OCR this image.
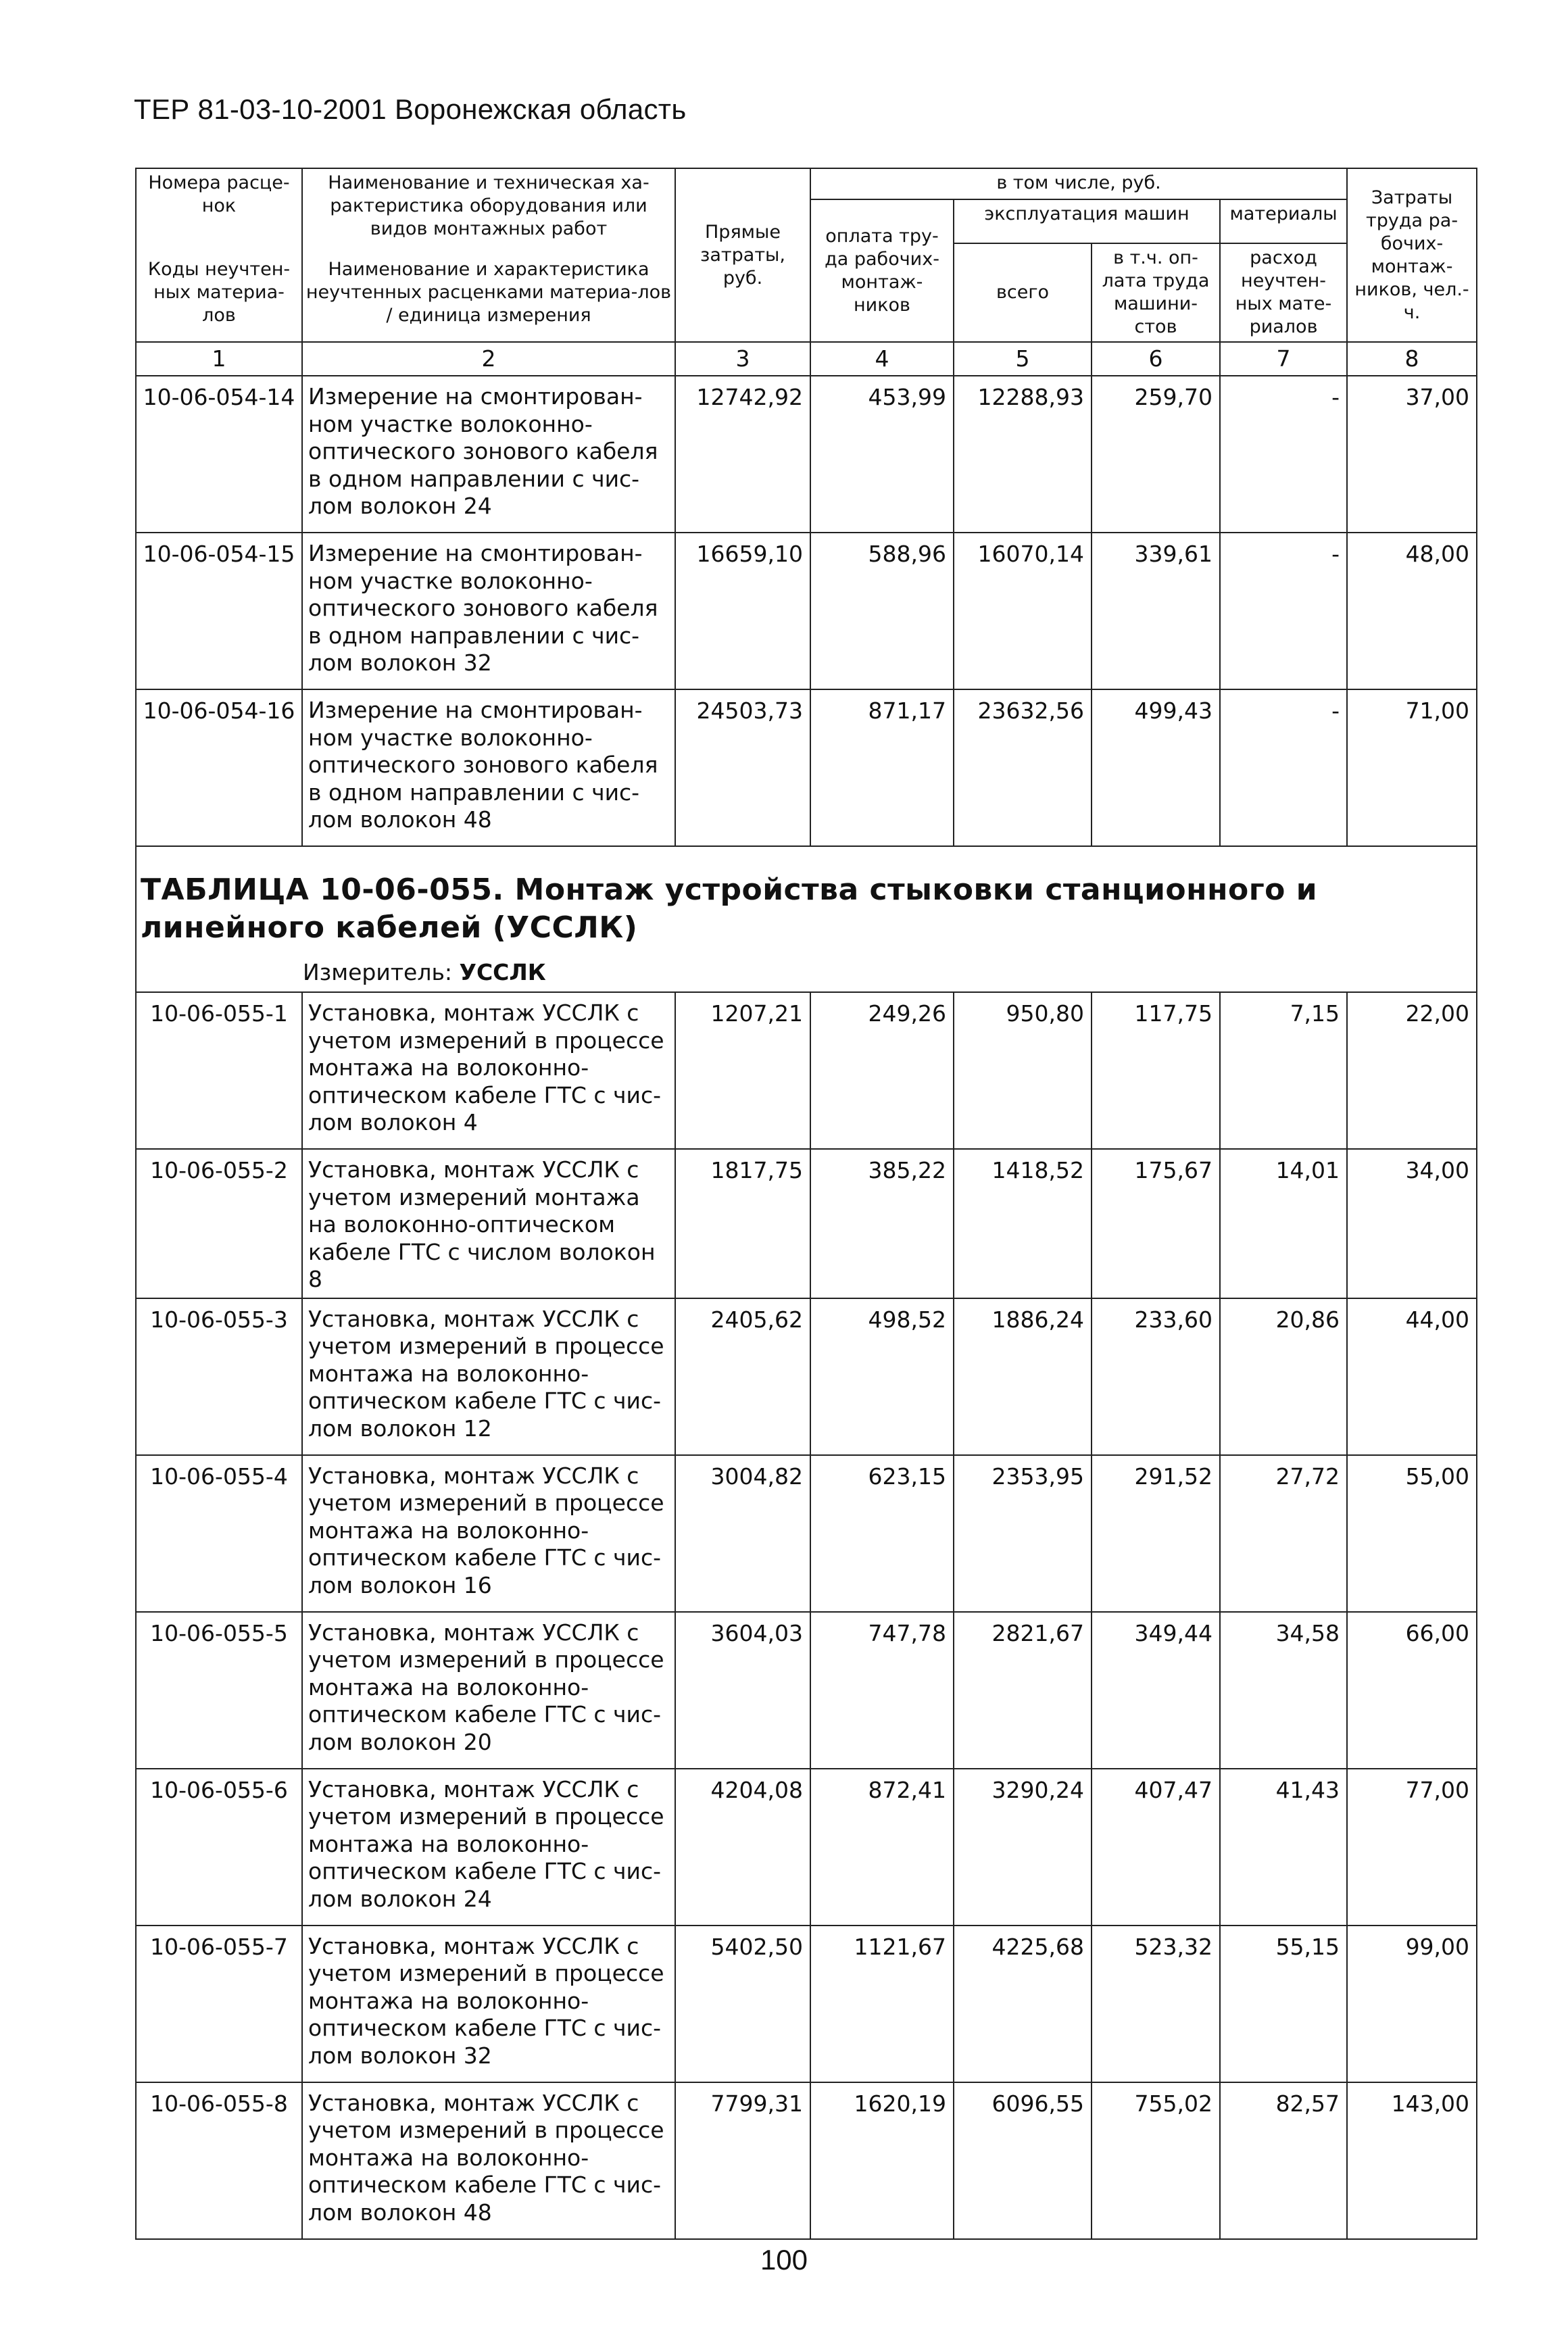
ТЕР 81-03-10-2001 Воронежская область
Номера расце-нок	Наименование и техническая ха-рактеристика оборудования или видов монтажных работ	Прямые затраты, руб.	в том числе, руб.				Затраты труда ра-бочих-монтаж-ников, чел.-ч.
			оплата тру-да рабочих-монтаж-ников	эксплуатация машин		материалы	
Коды неучтен-ных материа-лов	Наименование и характеристика неучтенных расценками материа-лов / единица измерения			всего	в т.ч. оп-лата труда машини-стов	расход неучтен-ных мате-риалов	

1	2	3	4	5	6	7	8
10-06-054-14	Измерение на смонтирован-ном участке волоконно-оптического зонового кабеля в одном направлении с чис-лом волокон 24	12742,92	453,99	12288,93	259,70	-	37,00
10-06-054-15	Измерение на смонтирован-ном участке волоконно-оптического зонового кабеля в одном направлении с чис-лом волокон 32	16659,10	588,96	16070,14	339,61	-	48,00
10-06-054-16	Измерение на смонтирован-ном участке волоконно-оптического зонового кабеля в одном направлении с чис-лом волокон 48	24503,73	871,17	23632,56	499,43	-	71,00

ТАБЛИЦА 10-06-055. Монтаж устройства стыковки станционного и линейного кабелей (УССЛК)
Измеритель: УССЛК							

10-06-055-1	Установка, монтаж УССЛК с учетом измерений в процессе монтажа на волоконно-оптическом кабеле ГТС с чис-лом волокон 4	1207,21	249,26	950,80	117,75	7,15	22,00
10-06-055-2	Установка, монтаж УССЛК с учетом измерений монтажа на волоконно-оптическом кабеле ГТС с числом волокон 8	1817,75	385,22	1418,52	175,67	14,01	34,00
10-06-055-3	Установка, монтаж УССЛК с учетом измерений в процессе монтажа на волоконно-оптическом кабеле ГТС с чис-лом волокон 12	2405,62	498,52	1886,24	233,60	20,86	44,00
10-06-055-4	Установка, монтаж УССЛК с учетом измерений в процессе монтажа на волоконно-оптическом кабеле ГТС с чис-лом волокон 16	3004,82	623,15	2353,95	291,52	27,72	55,00
10-06-055-5	Установка, монтаж УССЛК с учетом измерений в процессе монтажа на волоконно-оптическом кабеле ГТС с чис-лом волокон 20	3604,03	747,78	2821,67	349,44	34,58	66,00
10-06-055-6	Установка, монтаж УССЛК с учетом измерений в процессе монтажа на волоконно-оптическом кабеле ГТС с чис-лом волокон 24	4204,08	872,41	3290,24	407,47	41,43	77,00
10-06-055-7	Установка, монтаж УССЛК с учетом измерений в процессе монтажа на волоконно-оптическом кабеле ГТС с чис-лом волокон 32	5402,50	1121,67	4225,68	523,32	55,15	99,00
10-06-055-8	Установка, монтаж УССЛК с учетом измерений в процессе монтажа на волоконно-оптическом кабеле ГТС с чис-лом волокон 48	7799,31	1620,19	6096,55	755,02	82,57	143,00
100
